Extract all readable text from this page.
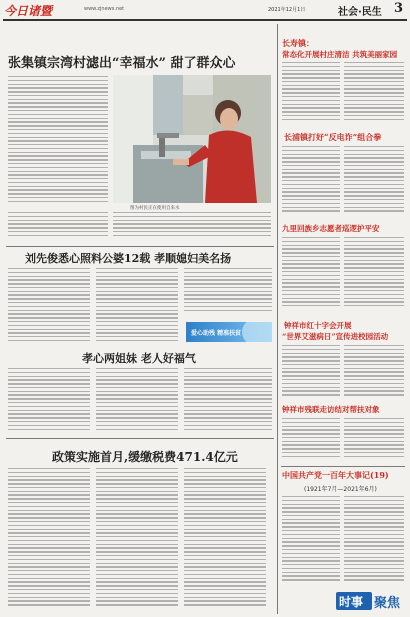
今日诸暨	www.zjnews.net	2021年12月1日	社会·民生 3
张集镇宗湾村滤出“幸福水” 甜了群众心
图为村民正在使用自来水
刘先俊悉心照料公婆12载 孝顺媳妇美名扬
爱心助残 精准扶贫
孝心两姐妹 老人好福气
政策实施首月,缓缴税费471.4亿元
长寿镇：
常态化开展村庄清洁 共筑美丽家园
长浦镇打好“反电诈”组合拳
九里回族乡志愿者巡逻护平安
钟祥市红十字会开展
“世界艾滋病日”宣传进校园活动
钟祥市残联走访结对帮扶对象
中国共产党一百年大事记(19)
(1921年7月—2021年6月)
时事 聚焦
